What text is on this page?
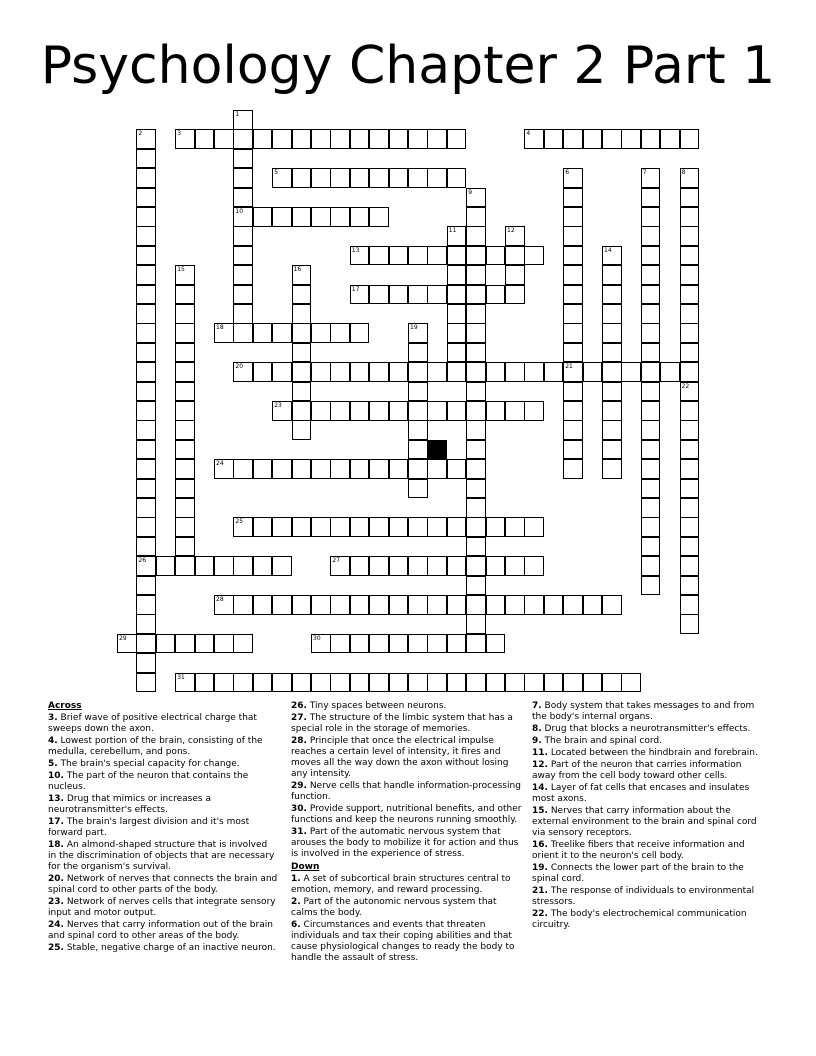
Psychology Chapter 2 Part 1
3	4
5
10
13
17
18
20	21
23
24
25
26	27
28
29	30
31
1
2
6	7	8
9
11	12
14
15	16
19
22
Across
3. Brief wave of positive electrical charge that sweeps down the axon.
4. Lowest portion of the brain, consisting of the medulla, cerebellum, and pons.
5. The brain's special capacity for change.
10. The part of the neuron that contains the nucleus.
13. Drug that mimics or increases a neurotransmitter's effects.
17. The brain's largest division and it's most forward part.
18. An almond-shaped structure that is involved in the discrimination of objects that are necessary for the organism's survival.
20. Network of nerves that connects the brain and spinal cord to other parts of the body.
23. Network of nerves cells that integrate sensory input and motor output.
24. Nerves that carry information out of the brain and spinal cord to other areas of the body.
25. Stable, negative charge of an inactive neuron.
26. Tiny spaces between neurons.
27. The structure of the limbic system that has a special role in the storage of memories.
28. Principle that once the electrical impulse reaches a certain level of intensity, it fires and moves all the way down the axon without losing any intensity.
29. Nerve cells that handle information-processing function.
30. Provide support, nutritional benefits, and other functions and keep the neurons running smoothly.
31. Part of the automatic nervous system that arouses the body to mobilize it for action and thus is involved in the experience of stress.
Down
1. A set of subcortical brain structures central to emotion, memory, and reward processing.
2. Part of the autonomic nervous system that calms the body.
6. Circumstances and events that threaten individuals and tax their coping abilities and that cause physiological changes to ready the body to handle the assault of stress.
7. Body system that takes messages to and from the body's internal organs.
8. Drug that blocks a neurotransmitter's effects.
9. The brain and spinal cord.
11. Located between the hindbrain and forebrain.
12. Part of the neuron that carries information away from the cell body toward other cells.
14. Layer of fat cells that encases and insulates most axons.
15. Nerves that carry information about the external environment to the brain and spinal cord via sensory receptors.
16. Treelike fibers that receive information and orient it to the neuron's cell body.
19. Connects the lower part of the brain to the spinal cord.
21. The response of individuals to environmental stressors.
22. The body's electrochemical communication circuitry.
